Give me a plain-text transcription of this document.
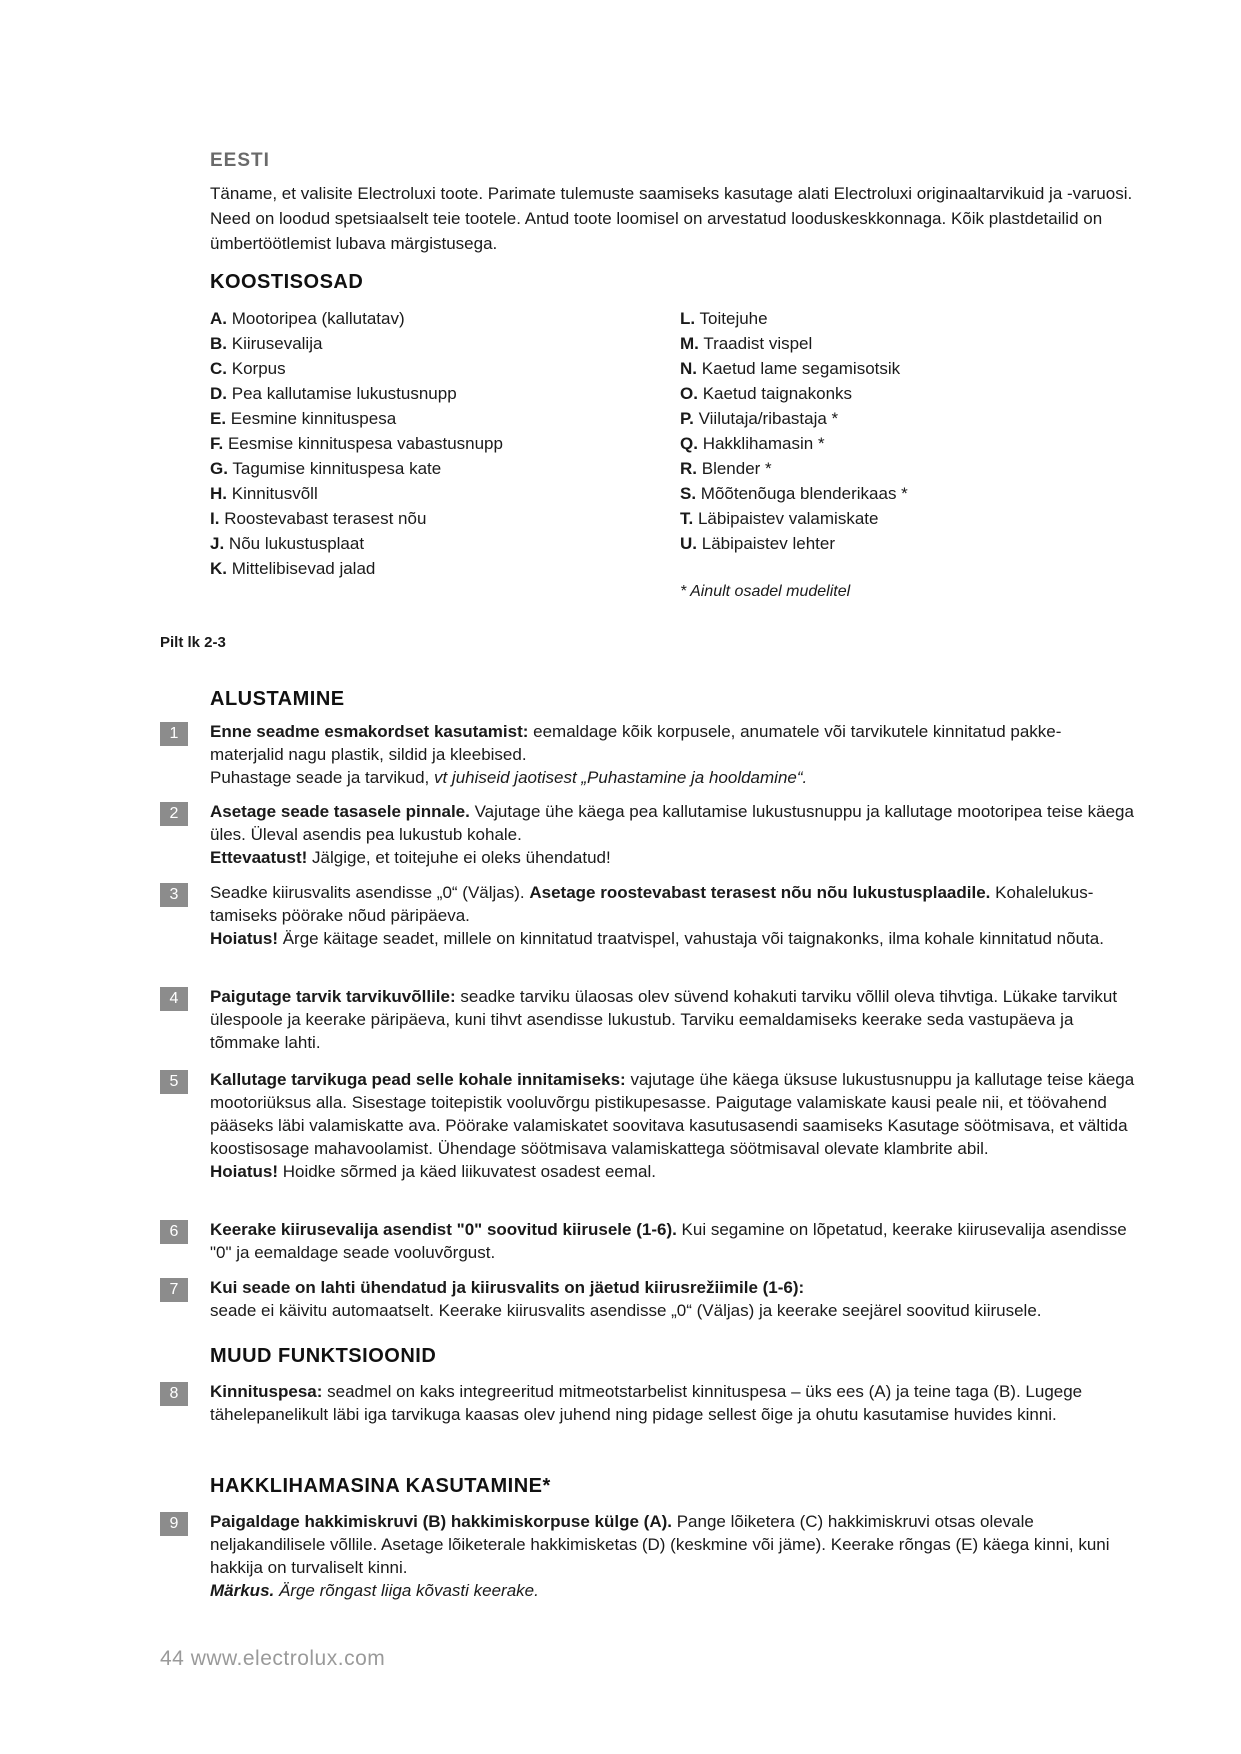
EESTI
Täname, et valisite Electroluxi toote. Parimate tulemuste saamiseks kasutage alati Electroluxi originaaltarvikuid ja -varuosi. Need on loodud spetsiaalselt teie tootele. Antud toote loomisel on arvestatud looduskeskkonnaga. Kõik plastdetailid on ümbertöötlemist lubava märgistusega.
KOOSTISOSAD
A. Mootoripea (kallutatav)
B. Kiirusevalija
C. Korpus
D. Pea kallutamise lukustusnupp
E. Eesmine kinnituspesa
F. Eesmise kinnituspesa vabastusnupp
G. Tagumise kinnituspesa kate
H. Kinnitusvõll
I. Roostevabast terasest nõu
J. Nõu lukustusplaat
K. Mittelibisevad jalad
L. Toitejuhe
M. Traadist vispel
N. Kaetud lame segamisotsik
O. Kaetud taignakonks
P. Viilutaja/ribastaja *
Q. Hakklihamasin *
R. Blender *
S. Mõõtenõuga blenderikaas *
T. Läbipaistev valamiskate
U. Läbipaistev lehter
* Ainult osadel mudelitel
Pilt lk 2-3
ALUSTAMINE
1	Enne seadme esmakordset kasutamist: eemaldage kõik korpusele, anumatele või tarvikutele kinnitatud pakke-materjalid nagu plastik, sildid ja kleebised.
Puhastage seade ja tarvikud, vt juhiseid jaotisest „Puhastamine ja hooldamine“.
2	Asetage seade tasasele pinnale. Vajutage ühe käega pea kallutamise lukustusnuppu ja kallutage mootoripea teise käega üles. Üleval asendis pea lukustub kohale.
Ettevaatust! Jälgige, et toitejuhe ei oleks ühendatud!
3	Seadke kiirusvalits asendisse „0“ (Väljas). Asetage roostevabast terasest nõu nõu lukustusplaadile. Kohalelukus-tamiseks pöörake nõud päripäeva.
Hoiatus! Ärge käitage seadet, millele on kinnitatud traatvispel, vahustaja või taignakonks, ilma kohale kinnitatud nõuta.
4	Paigutage tarvik tarvikuvõllile: seadke tarviku ülaosas olev süvend kohakuti tarviku võllil oleva tihvtiga. Lükake tarvikut ülespoole ja keerake päripäeva, kuni tihvt asendisse lukustub. Tarviku eemaldamiseks keerake seda vastupäeva ja tõmmake lahti.
5	Kallutage tarvikuga pead selle kohale innitamiseks: vajutage ühe käega üksuse lukustusnuppu ja kallutage teise käega mootoriüksus alla. Sisestage toitepistik vooluvõrgu pistikupesasse. Paigutage valamiskate kausi peale nii, et töövahend pääseks läbi valamiskatte ava. Pöörake valamiskatet soovitava kasutusasendi saamiseks Kasutage söötmisava, et vältida koostisosage mahavoolamist. Ühendage söötmisava valamiskattega söötmisaval olevate klambrite abil.
Hoiatus! Hoidke sõrmed ja käed liikuvatest osadest eemal.
6	Keerake kiirusevalija asendist "0" soovitud kiirusele (1-6). Kui segamine on lõpetatud, keerake kiirusevalija asendisse "0" ja eemaldage seade vooluvõrgust.
7	Kui seade on lahti ühendatud ja kiirusvalits on jäetud kiirusrežiimile (1-6):
seade ei käivitu automaatselt. Keerake kiirusvalits asendisse „0“ (Väljas) ja keerake seejärel soovitud kiirusele.
MUUD FUNKTSIOONID
8	Kinnituspesa: seadmel on kaks integreeritud mitmeotstarbelist kinnituspesa – üks ees (A) ja teine taga (B). Lugege tähelepanelikult läbi iga tarvikuga kaasas olev juhend ning pidage sellest õige ja ohutu kasutamise huvides kinni.
HAKKLIHAMASINA KASUTAMINE*
9	Paigaldage hakkimiskruvi (B) hakkimiskorpuse külge (A). Pange lõiketera (C) hakkimiskruvi otsas olevale neljakandilisele võllile. Asetage lõiketerale hakkimisketas (D) (keskmine või jäme). Keerake rõngas (E) käega kinni, kuni hakkija on turvaliselt kinni.
Märkus. Ärge rõngast liiga kõvasti keerake.
44 www.electrolux.com
